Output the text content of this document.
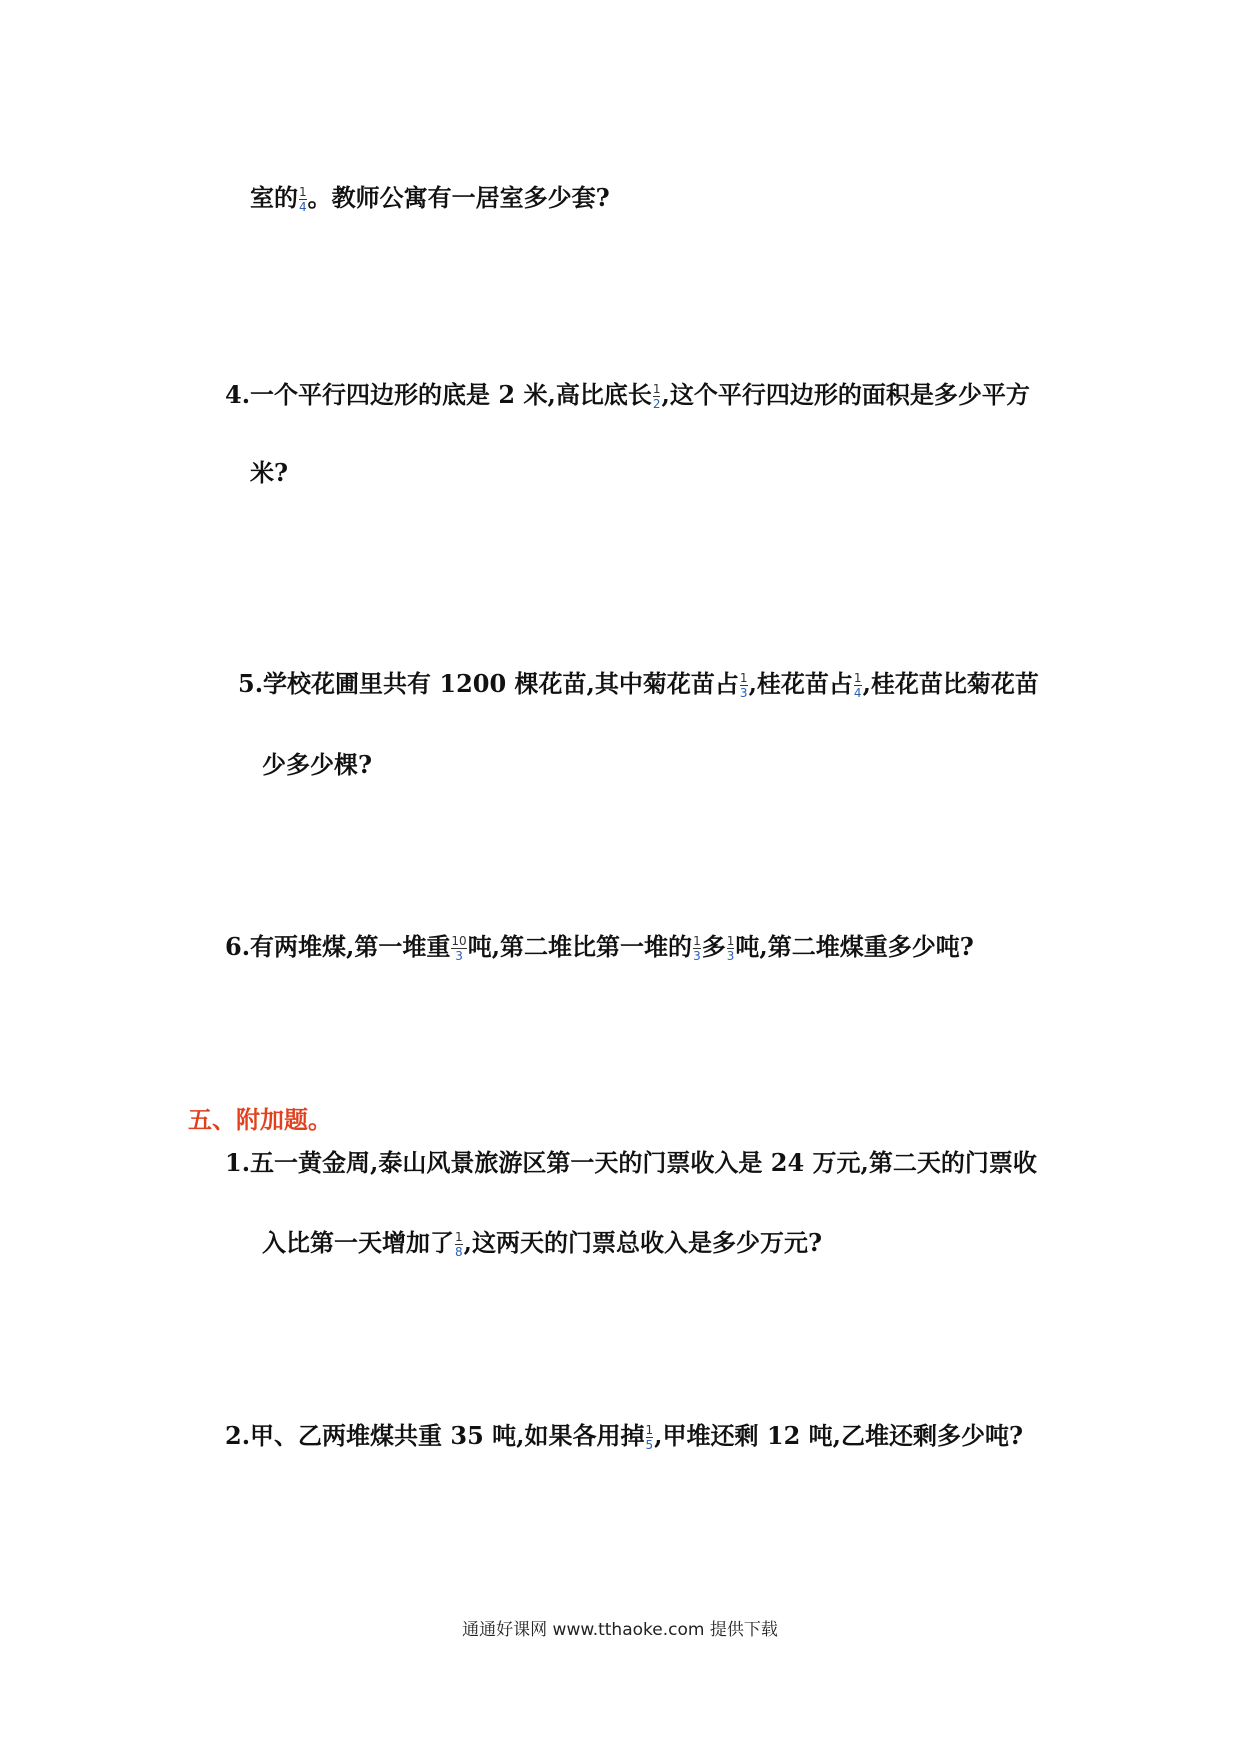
室的 $\frac{1}{4}$ 。教师公寓有一居室多少套?
4.一个平行四边形的底是 2 米,高比底长 $\frac{1}{2}$ ,这个平行四边形的面积是多少平方
米?
5.学校花圃里共有 1200 棵花苗,其中菊花苗占 $\frac{1}{3}$ ,桂花苗占 $\frac{1}{4}$ ,桂花苗比菊花苗
少多少棵?
6.有两堆煤,第一堆重 $\frac{10}{3}$ 吨,第二堆比第一堆的 $\frac{1}{3}$ 多 $\frac{1}{3}$ 吨,第二堆煤重多少吨?
五、附加题。
1.五一黄金周,泰山风景旅游区第一天的门票收入是 24 万元,第二天的门票收
入比第一天增加了 $\frac{1}{8}$ ,这两天的门票总收入是多少万元?
2.甲、乙两堆煤共重 35 吨,如果各用掉 $\frac{1}{5}$ ,甲堆还剩 12 吨,乙堆还剩多少吨?
通通好课网 www.tthaoke.com 提供下载
